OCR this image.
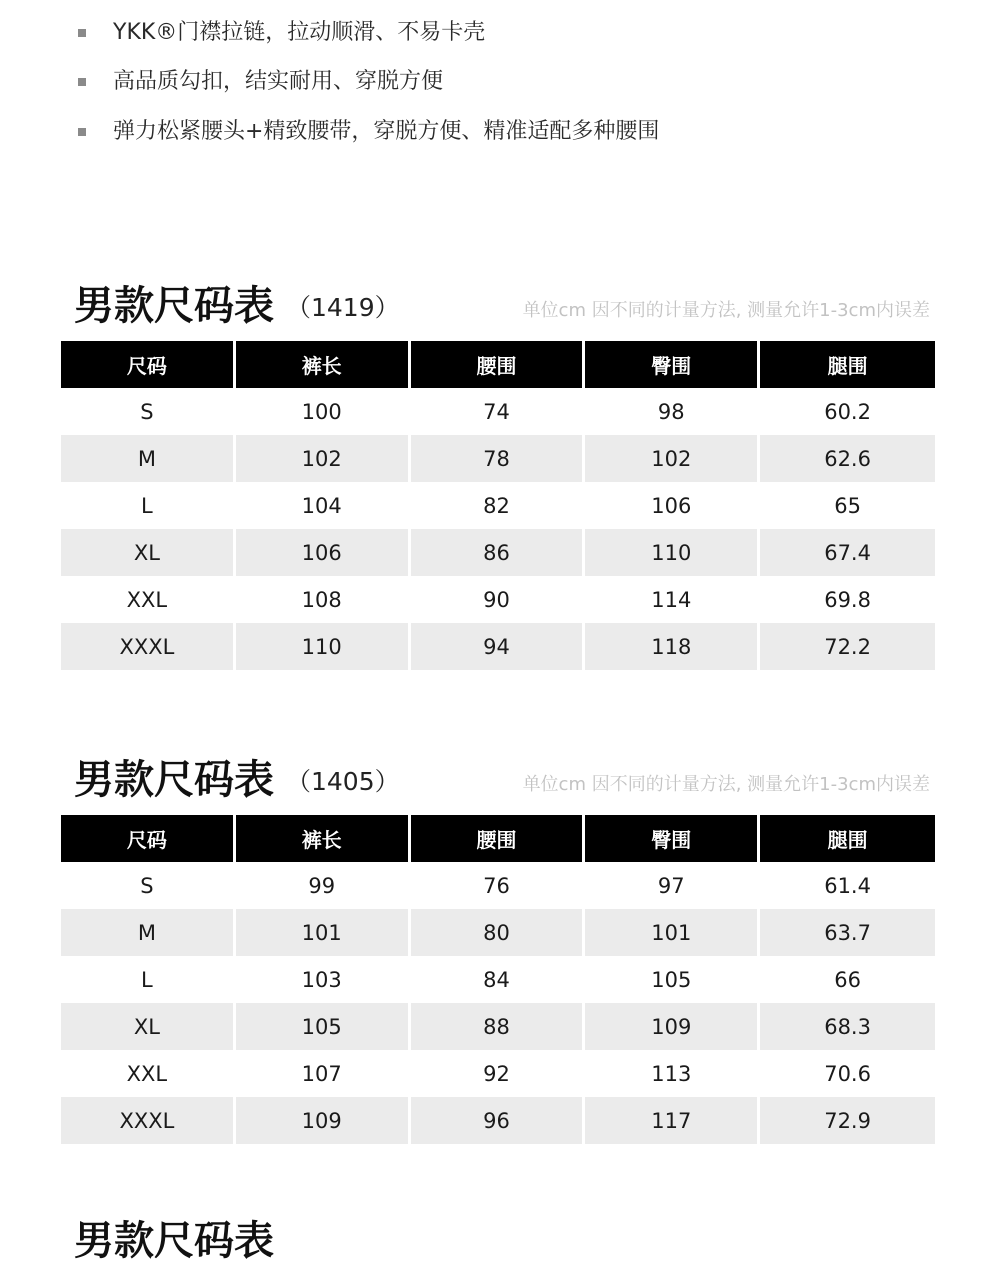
YKK®门襟拉链，拉动顺滑、不易卡壳
高品质勾扣，结实耐用、穿脱方便
弹力松紧腰头+精致腰带，穿脱方便、精准适配多种腰围
男款尺码表 （1419）	单位cm 因不同的计量方法, 测量允许1-3cm内误差
尺码	裤长	腰围	臀围	腿围
S	100	74	98	60.2
M	102	78	102	62.6
L	104	82	106	65
XL	106	86	110	67.4
XXL	108	90	114	69.8
XXXL	110	94	118	72.2
男款尺码表 （1405）	单位cm 因不同的计量方法, 测量允许1-3cm内误差
尺码	裤长	腰围	臀围	腿围
S	99	76	97	61.4
M	101	80	101	63.7
L	103	84	105	66
XL	105	88	109	68.3
XXL	107	92	113	70.6
XXXL	109	96	117	72.9
男款尺码表
